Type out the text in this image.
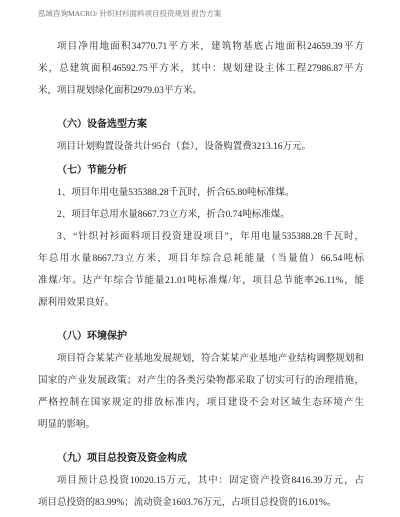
泓域咨询MACRO/ 针织衬衫面料项目投资规划 报告方案
项目净用地面积34770.71平方米，建筑物基底占地面积24659.39平方
米，总建筑面积46592.75平方米，其中：规划建设主体工程27986.87平方
米，项目规划绿化面积2979.03平方米。
（六）设备选型方案
项目计划购置设备共计95台（套），设备购置费3213.16万元。
（七）节能分析
1、项目年用电量535388.28千瓦时，折合65.80吨标准煤。
2、项目年总用水量8667.73立方米，折合0.74吨标准煤。
3、“针织衬衫面料项目投资建设项目”，年用电量535388.28千瓦时，
年总用水量8667.73立方米，项目年综合总耗能量（当量值）66.54吨标
准煤/年。达产年综合节能量21.01吨标准煤/年，项目总节能率26.11%，能
源利用效果良好。
（八）环境保护
项目符合某某产业基地发展规划，符合某某产业基地产业结构调整规划和
国家的产业发展政策；对产生的各类污染物都采取了切实可行的治理措施，
严格控制在国家规定的排放标准内，项目建设不会对区域生态环境产生
明显的影响。
（九）项目总投资及资金构成
项目预计总投资10020.15万元，其中：固定资产投资8416.39万元，占
项目总投资的83.99%；流动资金1603.76万元，占项目总投资的16.01%。
